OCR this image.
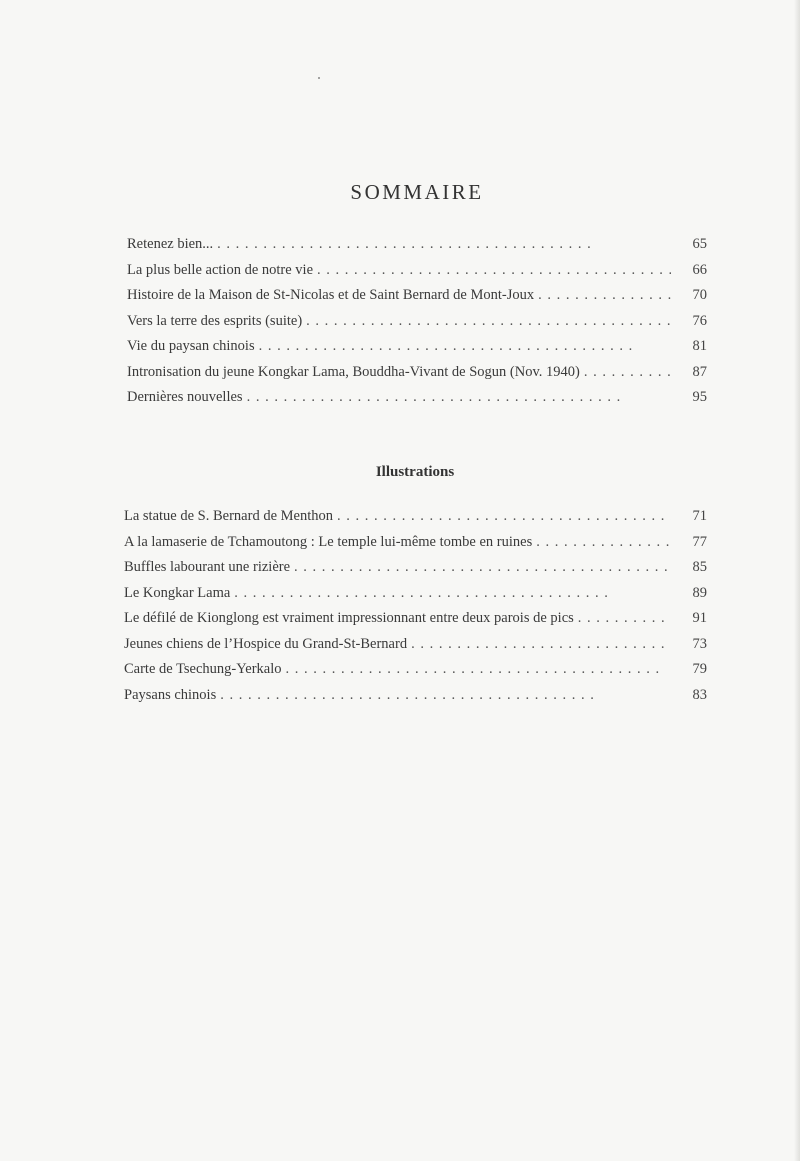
SOMMAIRE
Retenez bien... . .	65
La plus belle action de notre vie . .	66
Histoire de la Maison de St-Nicolas et de Saint Bernard de Mont-Joux . .	70
Vers la terre des esprits (suite) . .	76
Vie du paysan chinois . .	81
Intronisation du jeune Kongkar Lama, Bouddha-Vivant de Sogun (Nov. 1940) . .	87
Dernières nouvelles . .	95
Illustrations
La statue de S. Bernard de Menthon . .	71
A la lamaserie de Tchamoutong : Le temple lui-même tombe en ruines . .	77
Buffles labourant une rizière . .	85
Le Kongkar Lama . .	89
Le défilé de Kionglong est vraiment impressionnant entre deux parois de pics . .	91
Jeunes chiens de l’Hospice du Grand-St-Bernard . .	73
Carte de Tsechung-Yerkalo . .	79
Paysans chinois . .	83
